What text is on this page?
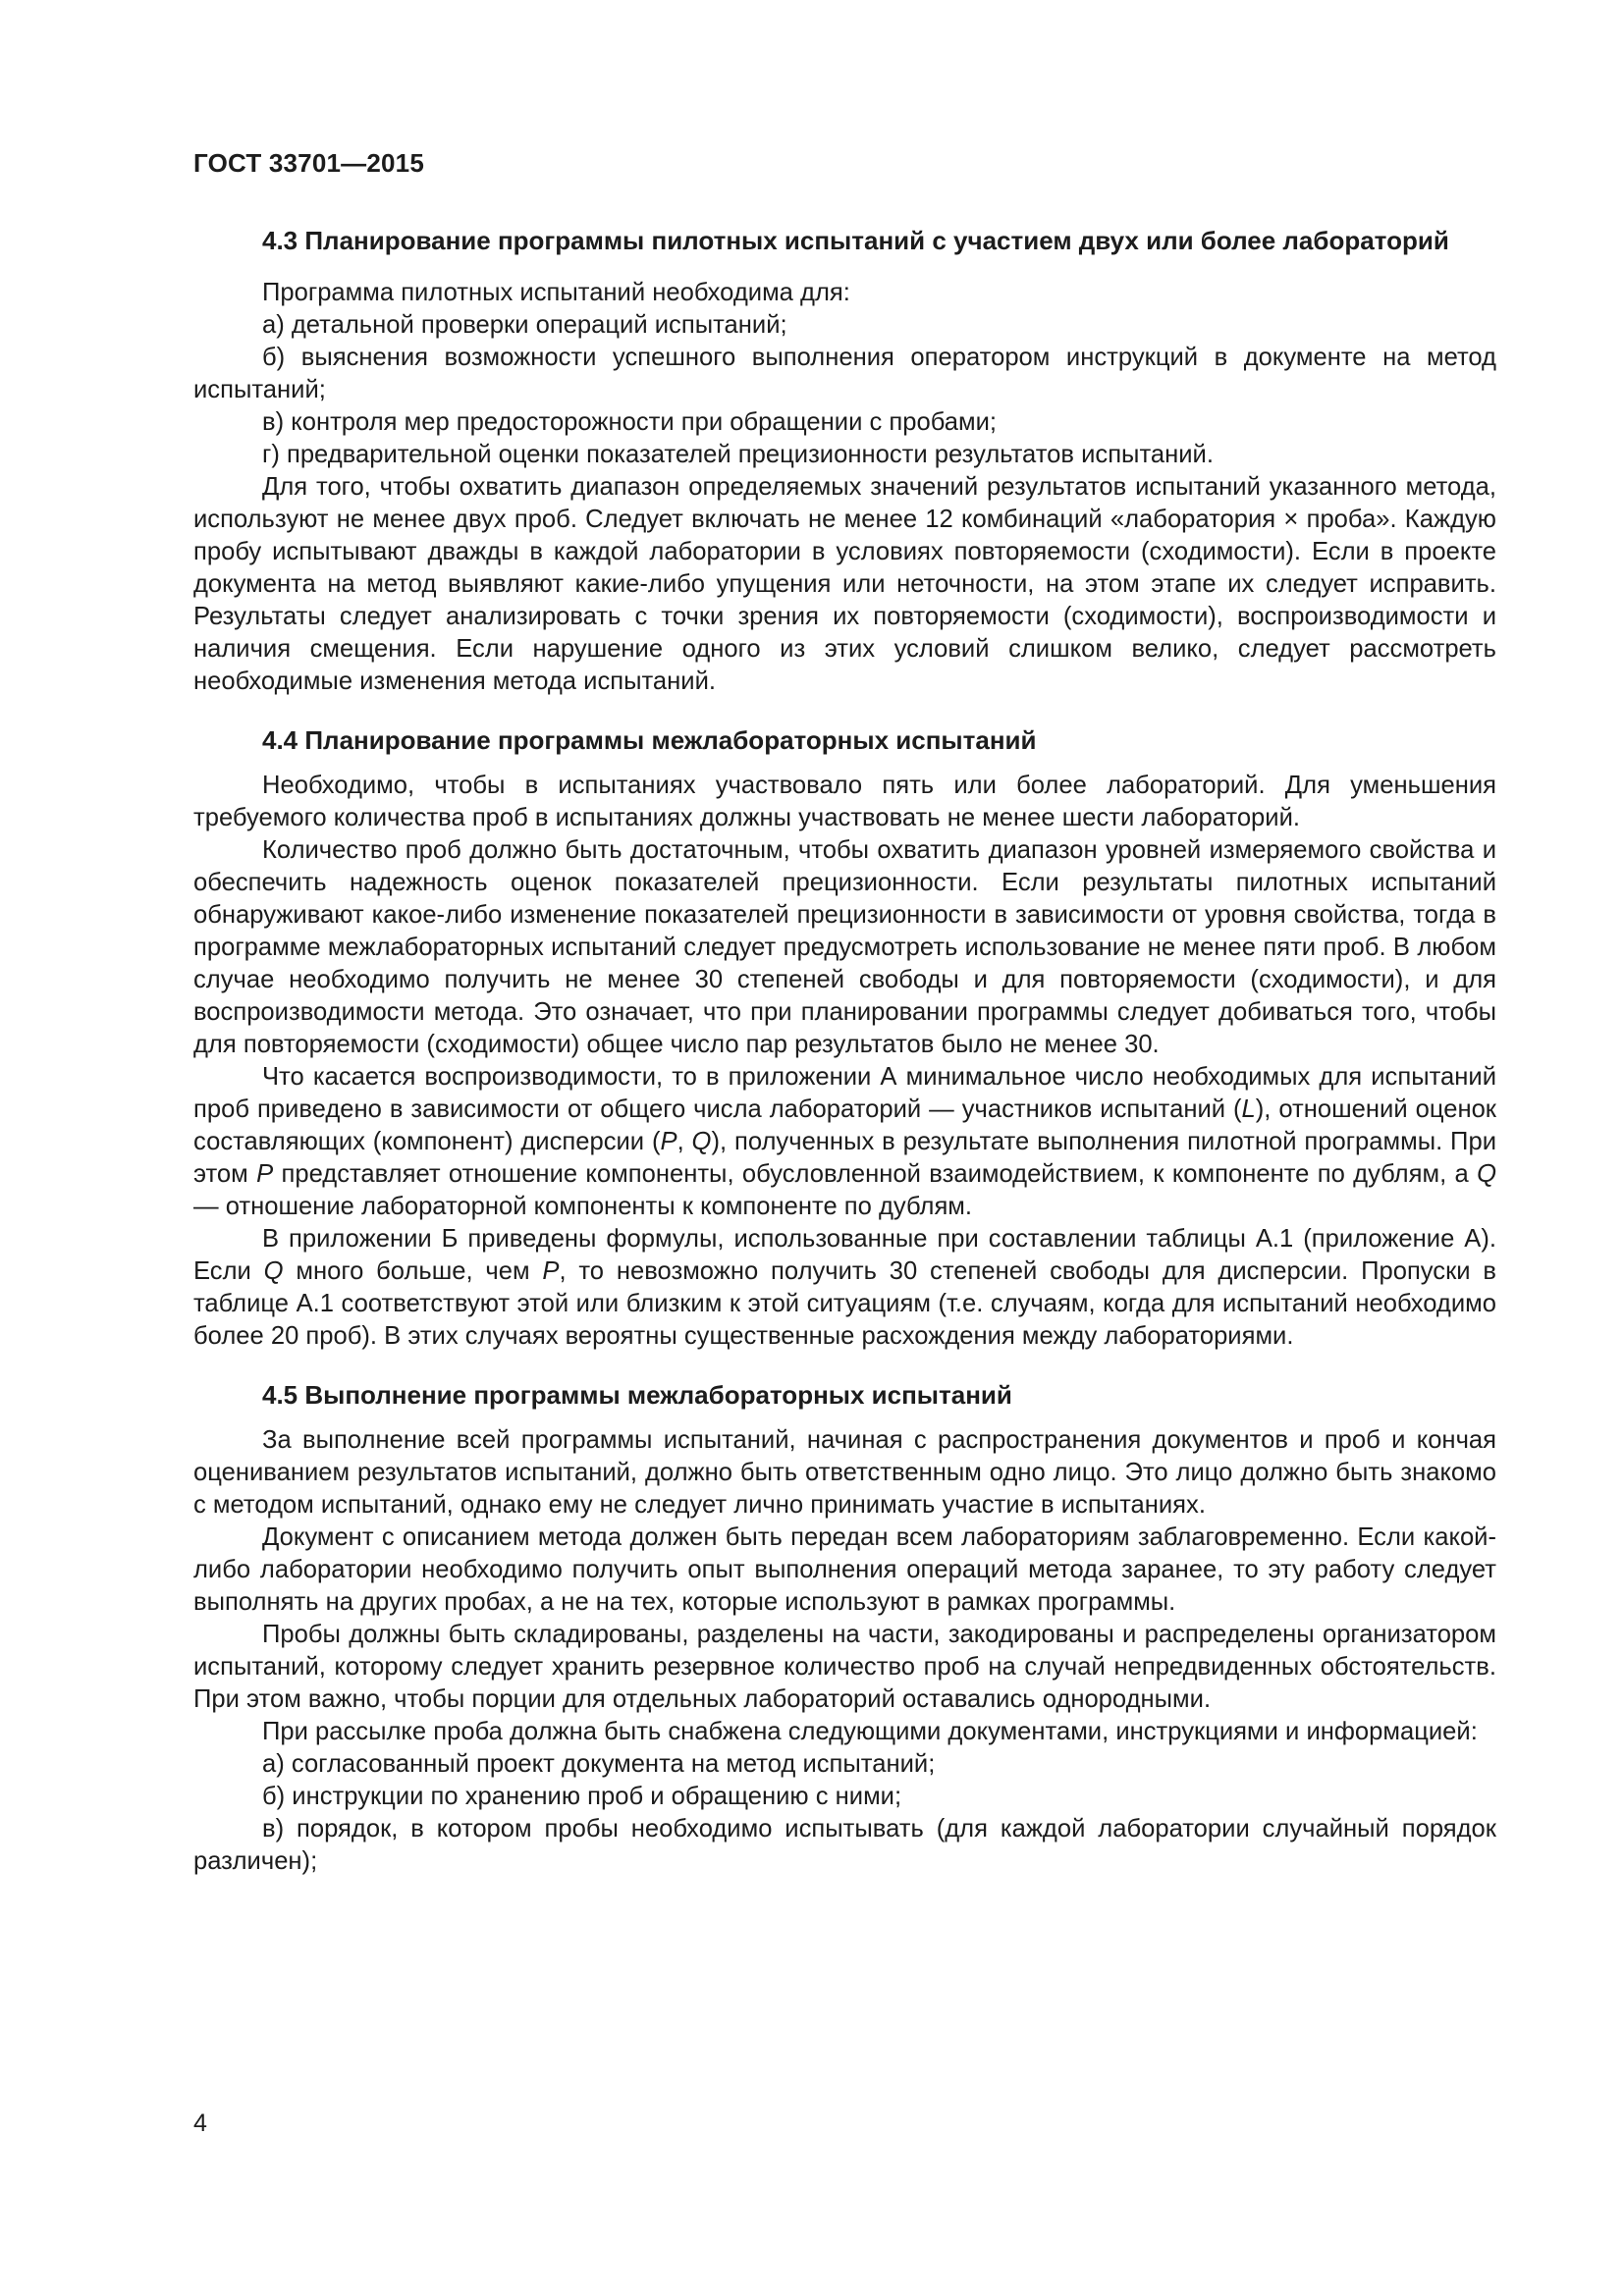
ГОСТ 33701—2015
4.3 Планирование программы пилотных испытаний с участием двух или более лабораторий

Программа пилотных испытаний необходима для:

а) детальной проверки операций испытаний;

б) выяснения возможности успешного выполнения оператором инструкций в документе на метод испытаний;

в) контроля мер предосторожности при обращении с пробами;

г) предварительной оценки показателей прецизионности результатов испытаний.

Для того, чтобы охватить диапазон определяемых значений результатов испытаний указанного метода, используют не менее двух проб. Следует включать не менее 12 комбинаций «лаборатория × проба». Каждую пробу испытывают дважды в каждой лаборатории в условиях повторяемости (сходимости). Если в проекте документа на метод выявляют какие-либо упущения или неточности, на этом этапе их следует исправить. Результаты следует анализировать с точки зрения их повторяемости (сходимости), воспроизводимости и наличия смещения. Если нарушение одного из этих условий слишком велико, следует рассмотреть необходимые изменения метода испытаний.

4.4 Планирование программы межлабораторных испытаний

Необходимо, чтобы в испытаниях участвовало пять или более лабораторий. Для уменьшения требуемого количества проб в испытаниях должны участвовать не менее шести лабораторий.

Количество проб должно быть достаточным, чтобы охватить диапазон уровней измеряемого свойства и обеспечить надежность оценок показателей прецизионности. Если результаты пилотных испытаний обнаруживают какое-либо изменение показателей прецизионности в зависимости от уровня свойства, тогда в программе межлабораторных испытаний следует предусмотреть использование не менее пяти проб. В любом случае необходимо получить не менее 30 степеней свободы и для повторяемости (сходимости), и для воспроизводимости метода. Это означает, что при планировании программы следует добиваться того, чтобы для повторяемости (сходимости) общее число пар результатов было не менее 30.

Что касается воспроизводимости, то в приложении А минимальное число необходимых для испытаний проб приведено в зависимости от общего числа лабораторий — участников испытаний (L), отношений оценок составляющих (компонент) дисперсии (P, Q), полученных в результате выполнения пилотной программы. При этом P представляет отношение компоненты, обусловленной взаимодействием, к компоненте по дублям, а Q — отношение лабораторной компоненты к компоненте по дублям.

В приложении Б приведены формулы, использованные при составлении таблицы А.1 (приложение А). Если Q много больше, чем P, то невозможно получить 30 степеней свободы для дисперсии. Пропуски в таблице А.1 соответствуют этой или близким к этой ситуациям (т.е. случаям, когда для испытаний необходимо более 20 проб). В этих случаях вероятны существенные расхождения между лабораториями.

4.5 Выполнение программы межлабораторных испытаний

За выполнение всей программы испытаний, начиная с распространения документов и проб и кончая оцениванием результатов испытаний, должно быть ответственным одно лицо. Это лицо должно быть знакомо с методом испытаний, однако ему не следует лично принимать участие в испытаниях.

Документ с описанием метода должен быть передан всем лабораториям заблаговременно. Если какой-либо лаборатории необходимо получить опыт выполнения операций метода заранее, то эту работу следует выполнять на других пробах, а не на тех, которые используют в рамках программы.

Пробы должны быть складированы, разделены на части, закодированы и распределены организатором испытаний, которому следует хранить резервное количество проб на случай непредвиденных обстоятельств. При этом важно, чтобы порции для отдельных лабораторий оставались однородными.

При рассылке проба должна быть снабжена следующими документами, инструкциями и информацией:

а) согласованный проект документа на метод испытаний;

б) инструкции по хранению проб и обращению с ними;

в) порядок, в котором пробы необходимо испытывать (для каждой лаборатории случайный порядок различен);

4
